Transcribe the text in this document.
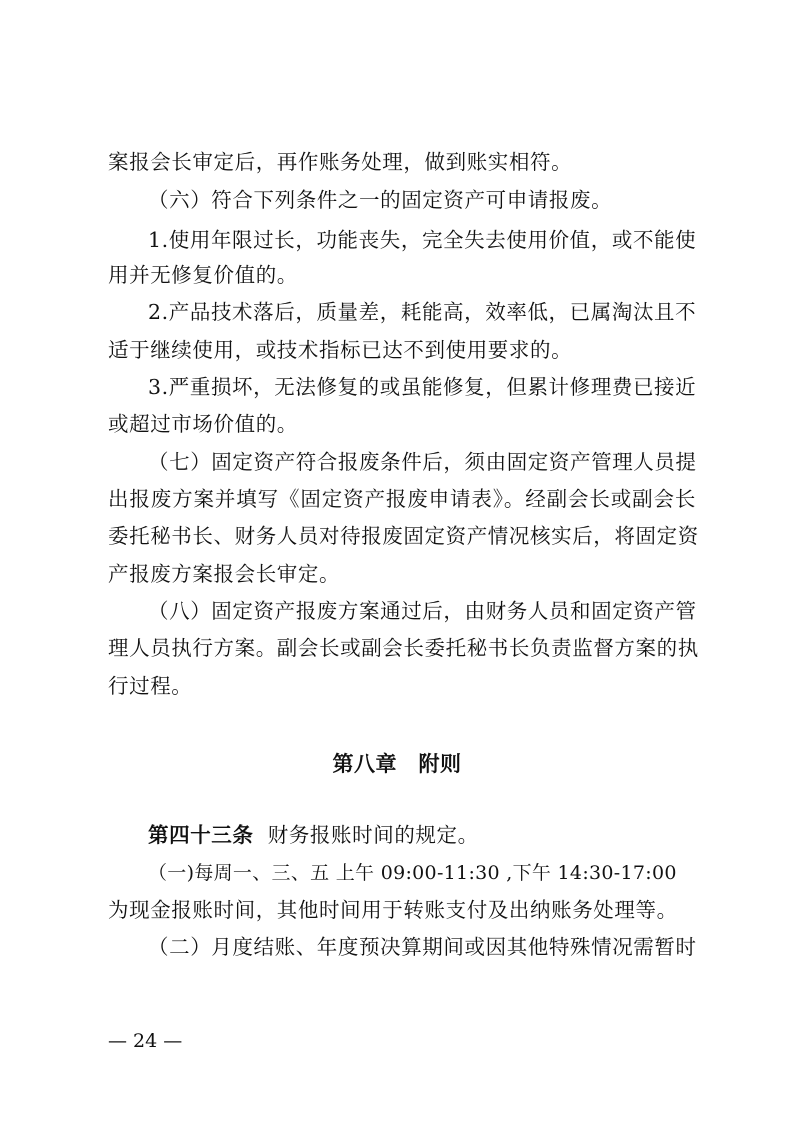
案报会长审定后，再作账务处理，做到账实相符。
（六）符合下列条件之一的固定资产可申请报废。
1.使用年限过长，功能丧失，完全失去使用价值，或不能使
用并无修复价值的。
2.产品技术落后，质量差，耗能高，效率低，已属淘汰且不
适于继续使用，或技术指标已达不到使用要求的。
3.严重损坏，无法修复的或虽能修复，但累计修理费已接近
或超过市场价值的。
（七）固定资产符合报废条件后，须由固定资产管理人员提
出报废方案并填写《固定资产报废申请表》。经副会长或副会长
委托秘书长、财务人员对待报废固定资产情况核实后，将固定资
产报废方案报会长审定。
（八）固定资产报废方案通过后，由财务人员和固定资产管
理人员执行方案。副会长或副会长委托秘书长负责监督方案的执
行过程。
第八章　附则
第四十三条 财务报账时间的规定。
（一)每周一、三、五 上午 09:00-11:30 ,下午 14:30-17:00
为现金报账时间，其他时间用于转账支付及出纳账务处理等。
（二）月度结账、年度预决算期间或因其他特殊情况需暂时
— 24 —
